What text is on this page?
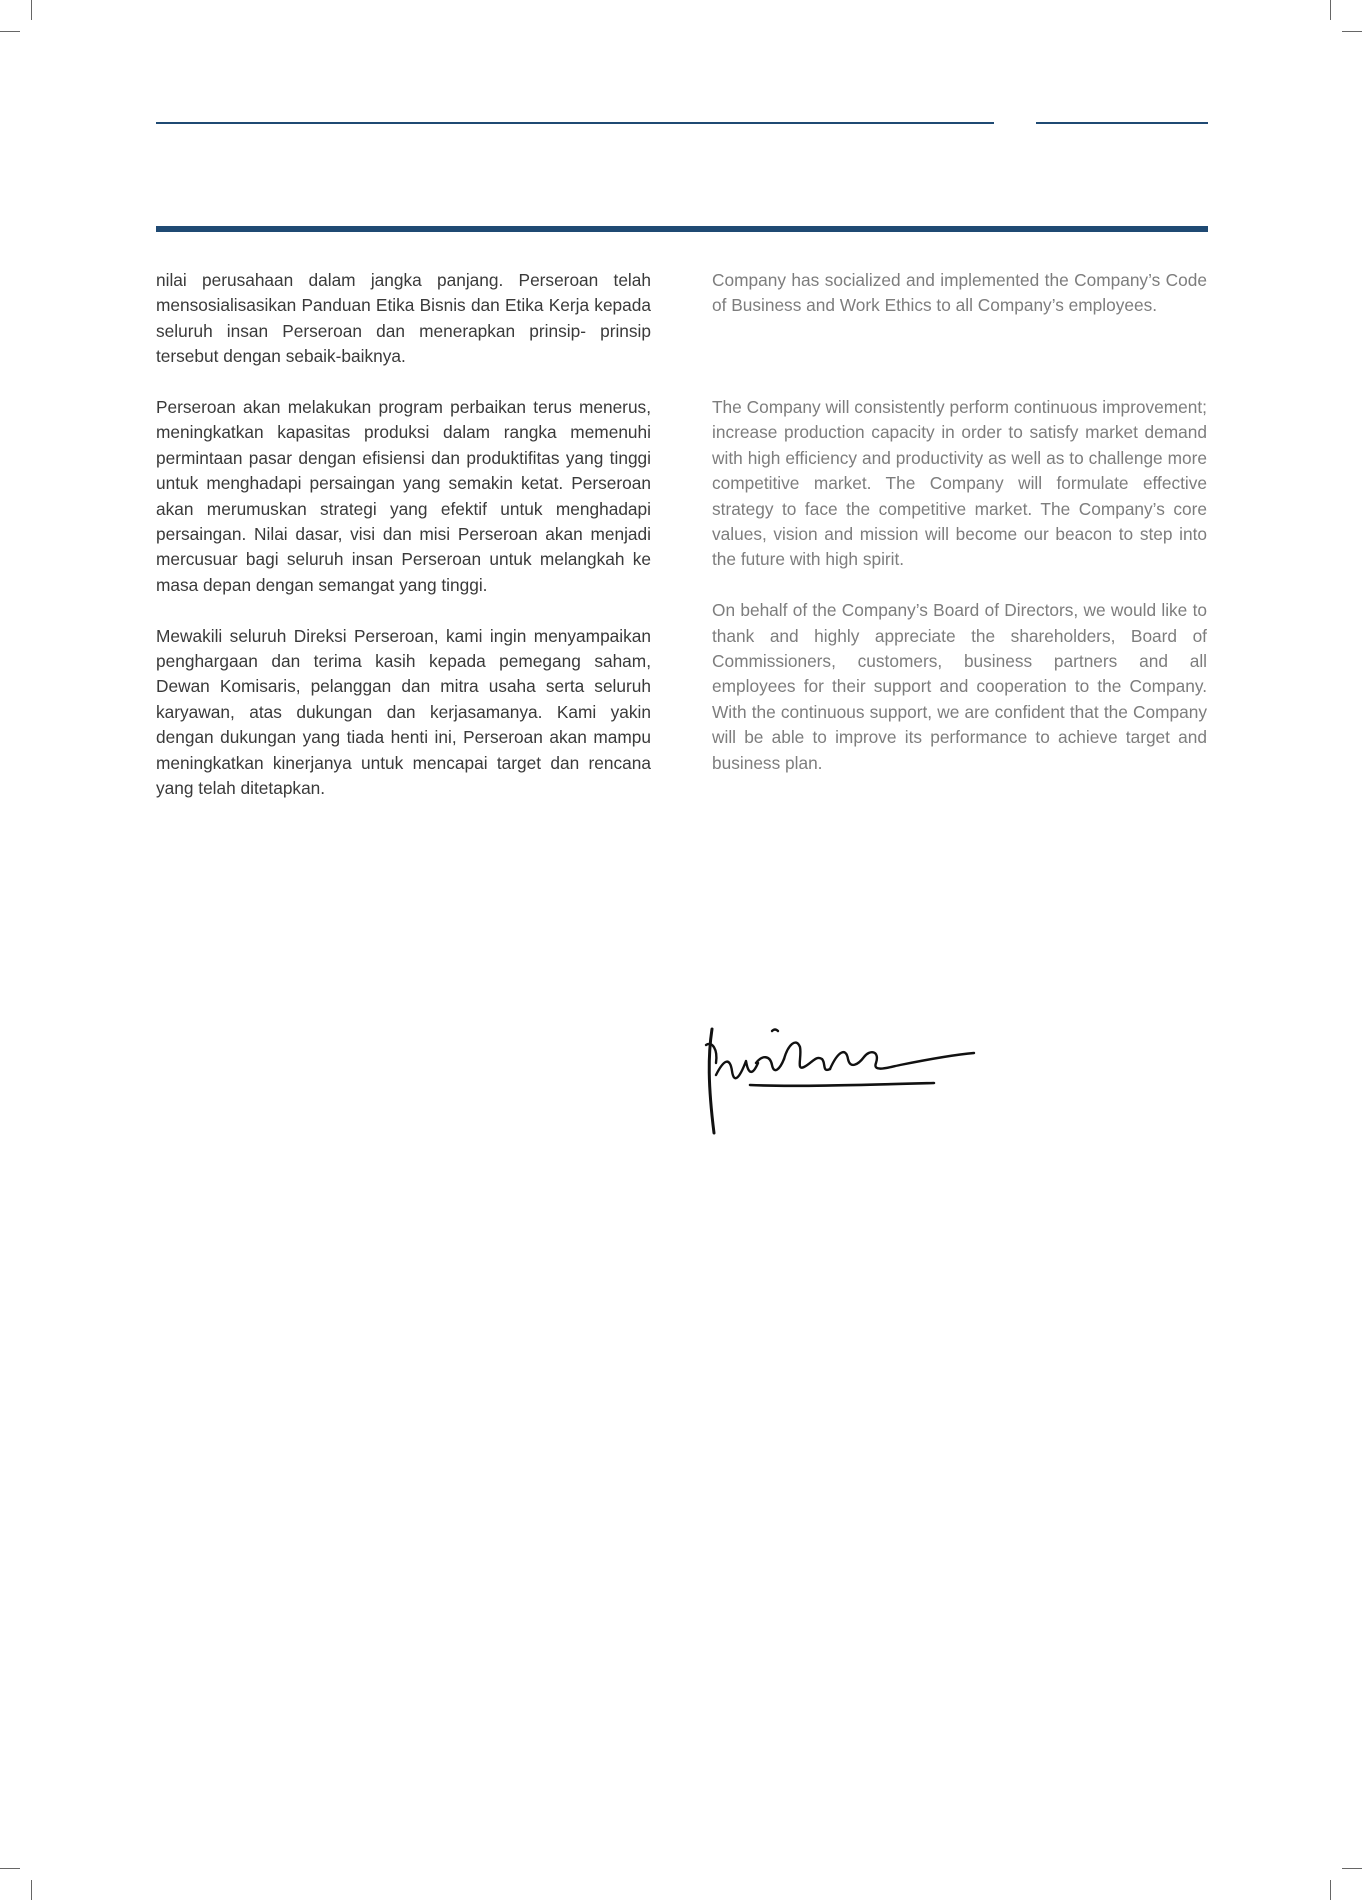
nilai perusahaan dalam jangka panjang. Perseroan telah mensosialisasikan Panduan Etika Bisnis dan Etika Kerja kepada seluruh insan Perseroan dan menerapkan prinsip- prinsip tersebut dengan sebaik-baiknya.

Perseroan akan melakukan program perbaikan terus menerus, meningkatkan kapasitas produksi dalam rangka memenuhi permintaan pasar dengan efisiensi dan produktifitas yang tinggi untuk menghadapi persaingan yang semakin ketat. Perseroan akan merumuskan strategi yang efektif untuk menghadapi persaingan. Nilai dasar, visi dan misi Perseroan akan menjadi mercusuar bagi seluruh insan Perseroan untuk melangkah ke masa depan dengan semangat yang tinggi.

Mewakili seluruh Direksi Perseroan, kami ingin menyampaikan penghargaan dan terima kasih kepada pemegang saham, Dewan Komisaris, pelanggan dan mitra usaha serta seluruh karyawan, atas dukungan dan kerjasamanya. Kami yakin dengan dukungan yang tiada henti ini, Perseroan akan mampu meningkatkan kinerjanya untuk mencapai target dan rencana yang telah ditetapkan.

Company has socialized and implemented the Company’s Code of Business and Work Ethics to all Company’s employees.

The Company will consistently perform continuous improvement; increase production capacity in order to satisfy market demand with high efficiency and productivity as well as to challenge more competitive market. The Company will formulate effective strategy to face the competitive market. The Company’s core values, vision and mission will become our beacon to step into the future with high spirit.

On behalf of the Company’s Board of Directors, we would like to thank and highly appreciate the shareholders, Board of Commissioners, customers, business partners and all employees for their support and cooperation to the Company. With the continuous support, we are confident that the Company will be able to improve its performance to achieve target and business plan.
